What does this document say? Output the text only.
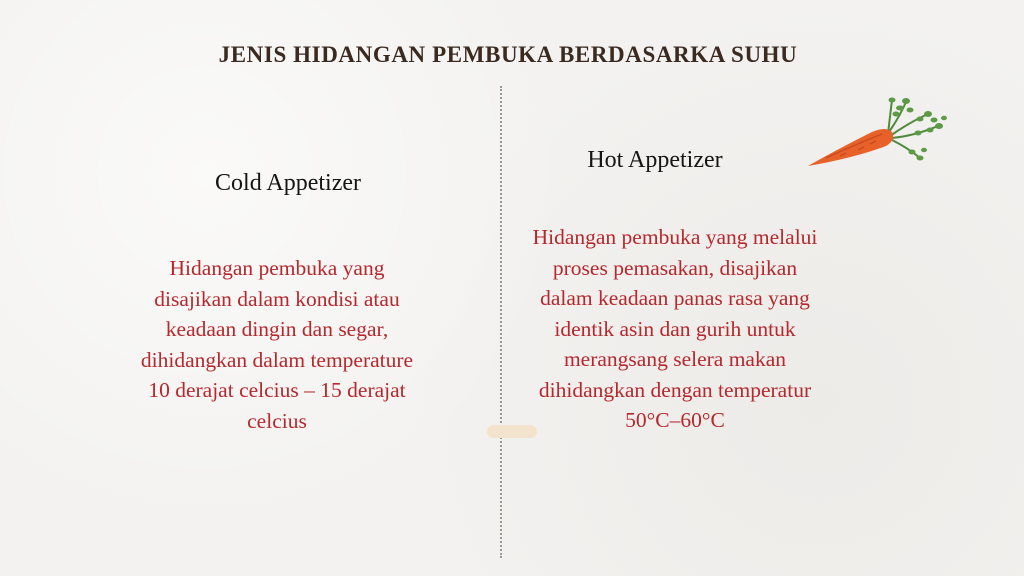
JENIS HIDANGAN PEMBUKA BERDASARKA SUHU
Cold Appetizer
Hidangan pembuka yang disajikan dalam kondisi atau keadaan dingin dan segar, dihidangkan dalam temperature 10 derajat celcius – 15 derajat celcius
Hot Appetizer
Hidangan pembuka yang melalui proses pemasakan, disajikan dalam keadaan panas rasa yang identik asin dan gurih untuk merangsang selera makan dihidangkan dengan temperatur 50°C–60°C
